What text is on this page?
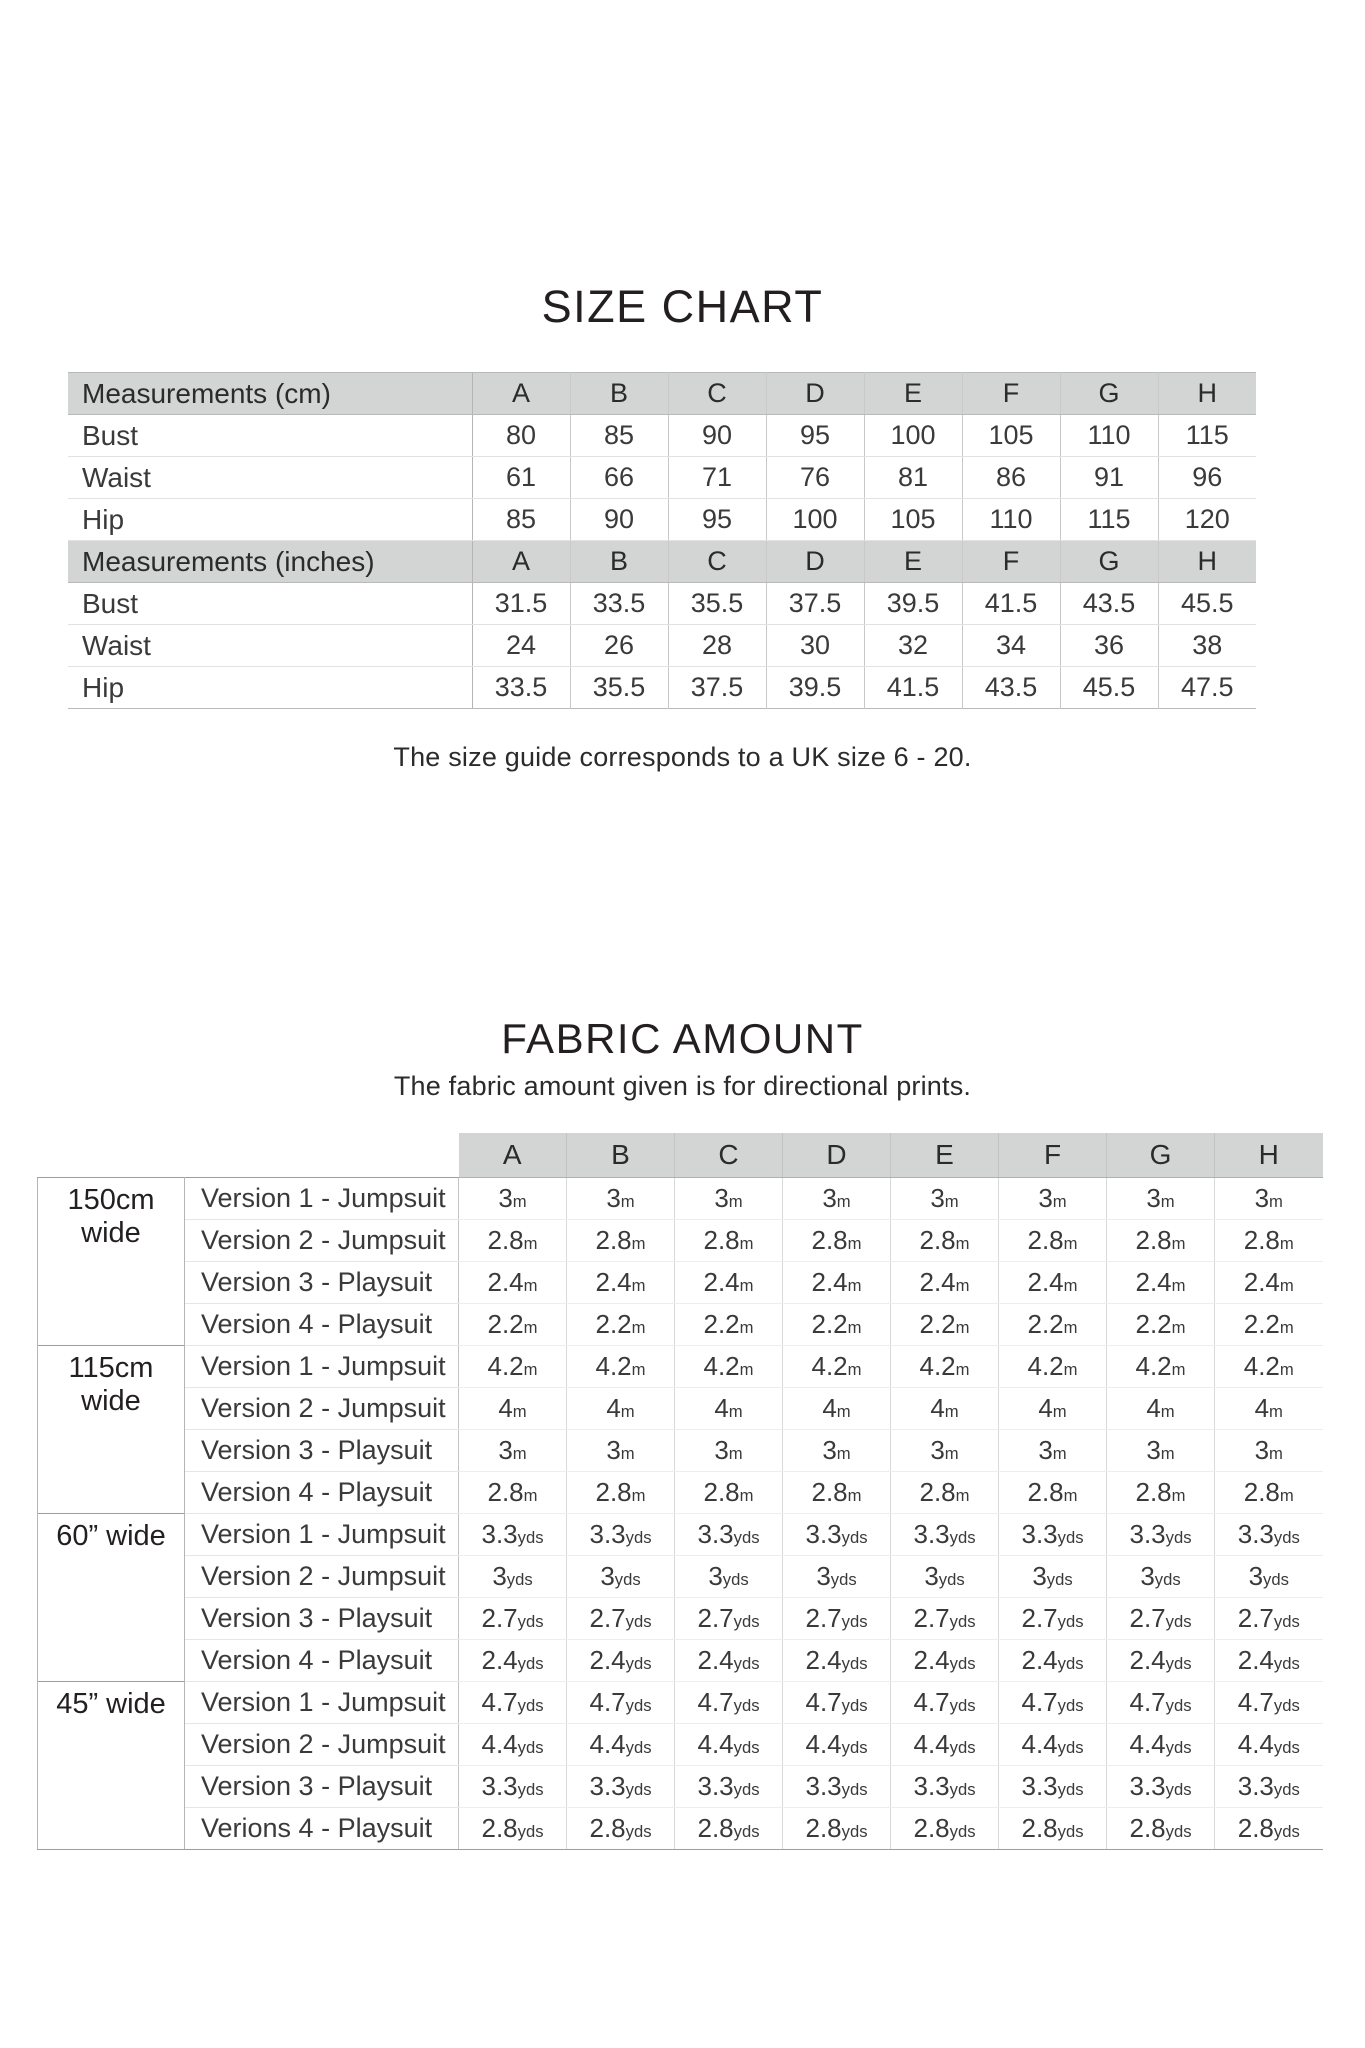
SIZE CHART
Measurements (cm)	A	B	C	D	E	F	G	H
Bust	80	85	90	95	100	105	110	115
Waist	61	66	71	76	81	86	91	96
Hip	85	90	95	100	105	110	115	120
Measurements (inches)	A	B	C	D	E	F	G	H
Bust	31.5	33.5	35.5	37.5	39.5	41.5	43.5	45.5
Waist	24	26	28	30	32	34	36	38
Hip	33.5	35.5	37.5	39.5	41.5	43.5	45.5	47.5
The size guide corresponds to a UK size 6 - 20.
FABRIC AMOUNT
The fabric amount given is for directional prints.
		A	B	C	D	E	F	G	H
150cm wide	Version 1 - Jumpsuit	3m	3m	3m	3m	3m	3m	3m	3m
	Version 2 - Jumpsuit	2.8m	2.8m	2.8m	2.8m	2.8m	2.8m	2.8m	2.8m
	Version 3 - Playsuit	2.4m	2.4m	2.4m	2.4m	2.4m	2.4m	2.4m	2.4m
	Version 4 - Playsuit	2.2m	2.2m	2.2m	2.2m	2.2m	2.2m	2.2m	2.2m
115cm wide	Version 1 - Jumpsuit	4.2m	4.2m	4.2m	4.2m	4.2m	4.2m	4.2m	4.2m
	Version 2 - Jumpsuit	4m	4m	4m	4m	4m	4m	4m	4m
	Version 3 - Playsuit	3m	3m	3m	3m	3m	3m	3m	3m
	Version 4 - Playsuit	2.8m	2.8m	2.8m	2.8m	2.8m	2.8m	2.8m	2.8m
60” wide	Version 1 - Jumpsuit	3.3yds	3.3yds	3.3yds	3.3yds	3.3yds	3.3yds	3.3yds	3.3yds
	Version 2 - Jumpsuit	3yds	3yds	3yds	3yds	3yds	3yds	3yds	3yds
	Version 3 - Playsuit	2.7yds	2.7yds	2.7yds	2.7yds	2.7yds	2.7yds	2.7yds	2.7yds
	Version 4 - Playsuit	2.4yds	2.4yds	2.4yds	2.4yds	2.4yds	2.4yds	2.4yds	2.4yds
45” wide	Version 1 - Jumpsuit	4.7yds	4.7yds	4.7yds	4.7yds	4.7yds	4.7yds	4.7yds	4.7yds
	Version 2 - Jumpsuit	4.4yds	4.4yds	4.4yds	4.4yds	4.4yds	4.4yds	4.4yds	4.4yds
	Version 3 - Playsuit	3.3yds	3.3yds	3.3yds	3.3yds	3.3yds	3.3yds	3.3yds	3.3yds
	Verions 4 - Playsuit	2.8yds	2.8yds	2.8yds	2.8yds	2.8yds	2.8yds	2.8yds	2.8yds
